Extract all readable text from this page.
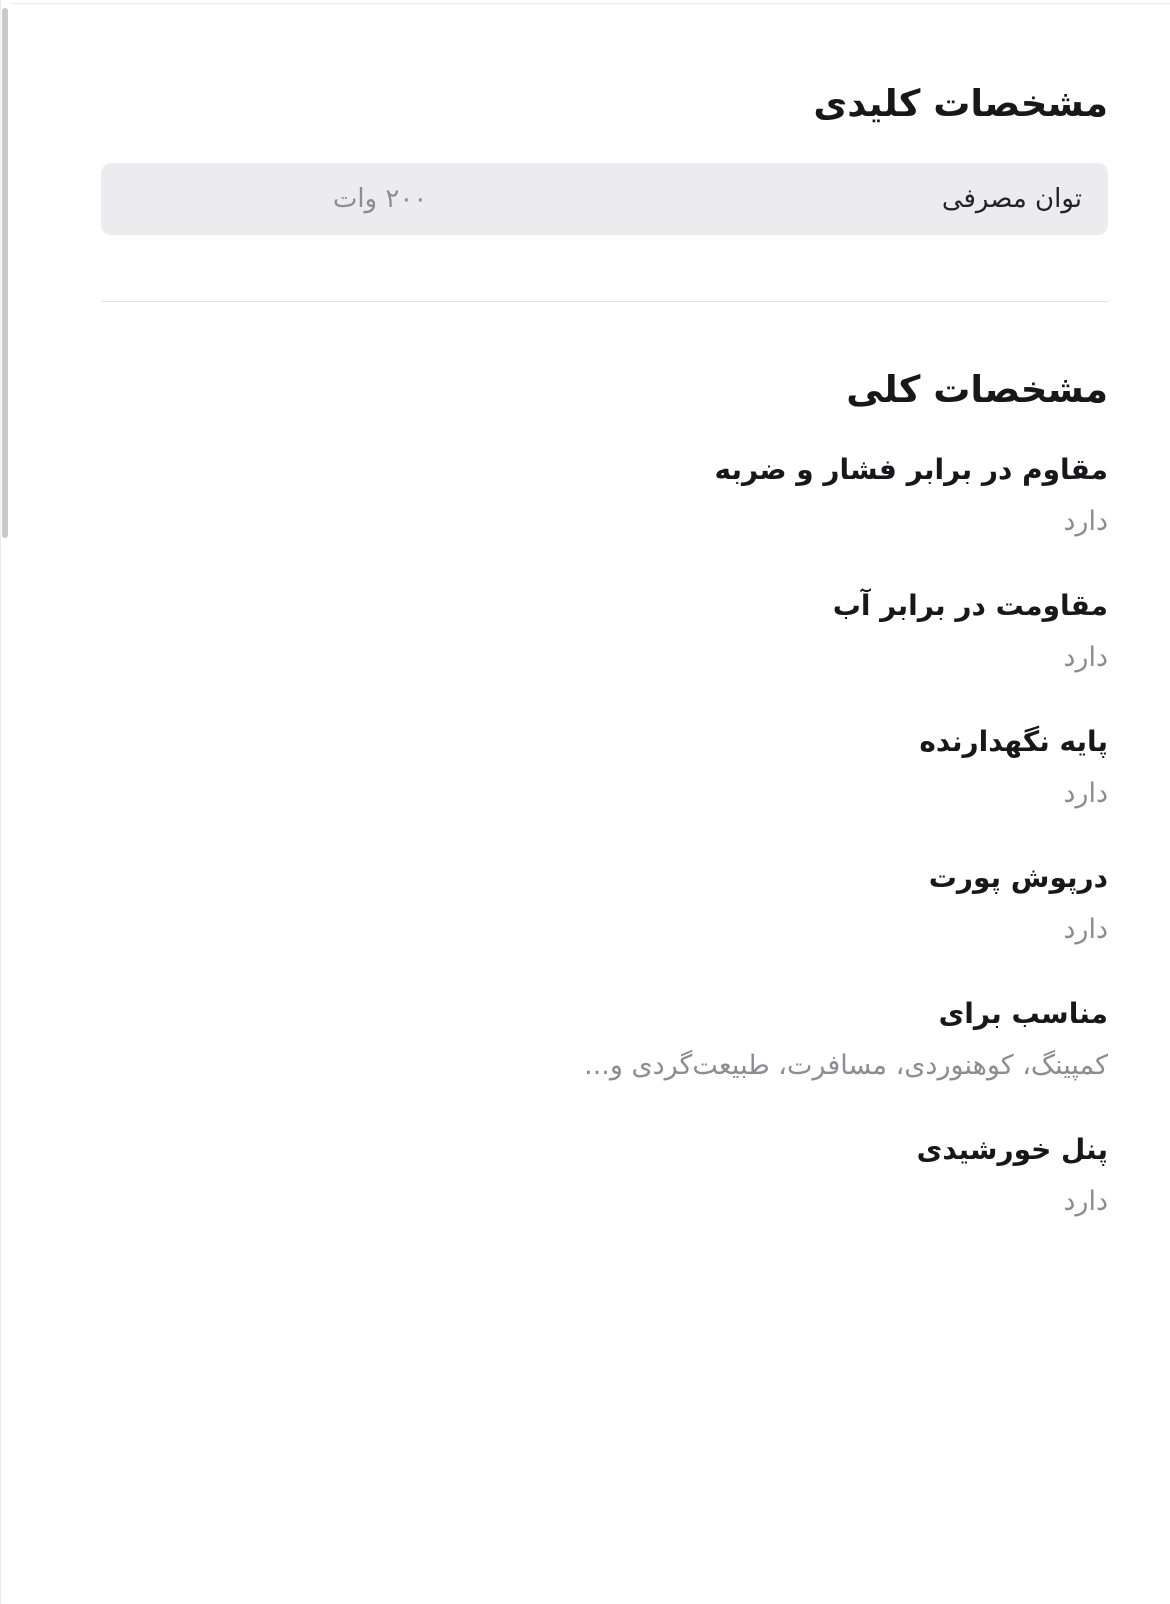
مشخصات کلیدی
توان مصرفی
۲۰۰ وات
مشخصات کلی
مقاوم در برابر فشار و ضربه
دارد
مقاومت در برابر آب
دارد
پایه نگهدارنده
دارد
درپوش پورت
دارد
مناسب برای
کمپینگ، کوهنوردی، مسافرت، طبیعت‌گردی و...
پنل خورشیدی
دارد
